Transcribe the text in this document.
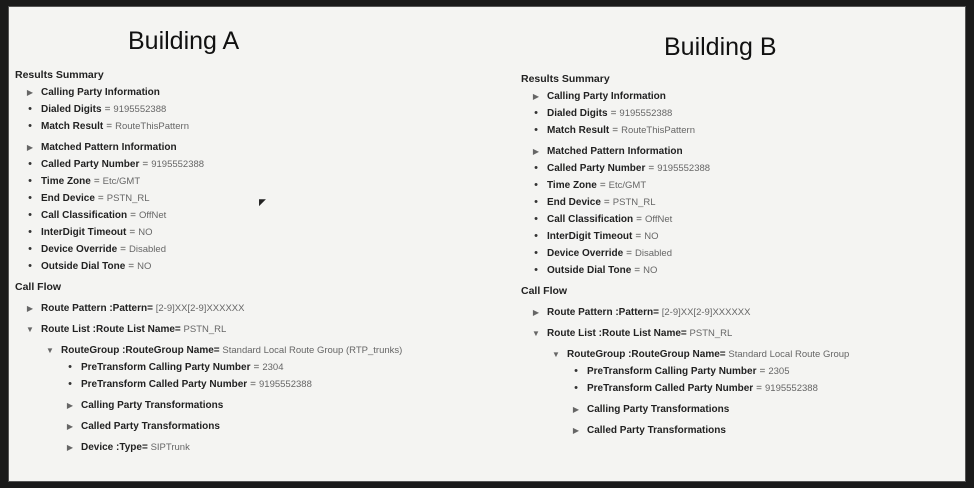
Building A
Results Summary
▶ Calling Party Information
•Dialed Digits = 9195552388
•Match Result = RouteThisPattern
▶ Matched Pattern Information
•Called Party Number = 9195552388
•Time Zone = Etc/GMT
•End Device = PSTN_RL
•Call Classification = OffNet
•InterDigit Timeout = NO
•Device Override = Disabled
•Outside Dial Tone = NO
Call Flow
▶ Route Pattern :Pattern= [2-9]XX[2-9]XXXXXX
▼ Route List :Route List Name= PSTN_RL
▼ RouteGroup :RouteGroup Name= Standard Local Route Group (RTP_trunks)
•PreTransform Calling Party Number = 2304
•PreTransform Called Party Number = 9195552388
▶ Calling Party Transformations
▶ Called Party Transformations
▶ Device :Type= SIPTrunk
◤
Building B
Results Summary
▶ Calling Party Information
•Dialed Digits = 9195552388
•Match Result = RouteThisPattern
▶ Matched Pattern Information
•Called Party Number = 9195552388
•Time Zone = Etc/GMT
•End Device = PSTN_RL
•Call Classification = OffNet
•InterDigit Timeout = NO
•Device Override = Disabled
•Outside Dial Tone = NO
Call Flow
▶ Route Pattern :Pattern= [2-9]XX[2-9]XXXXXX
▼ Route List :Route List Name= PSTN_RL
▼ RouteGroup :RouteGroup Name= Standard Local Route Group
•PreTransform Calling Party Number = 2305
•PreTransform Called Party Number = 9195552388
▶ Calling Party Transformations
▶ Called Party Transformations
